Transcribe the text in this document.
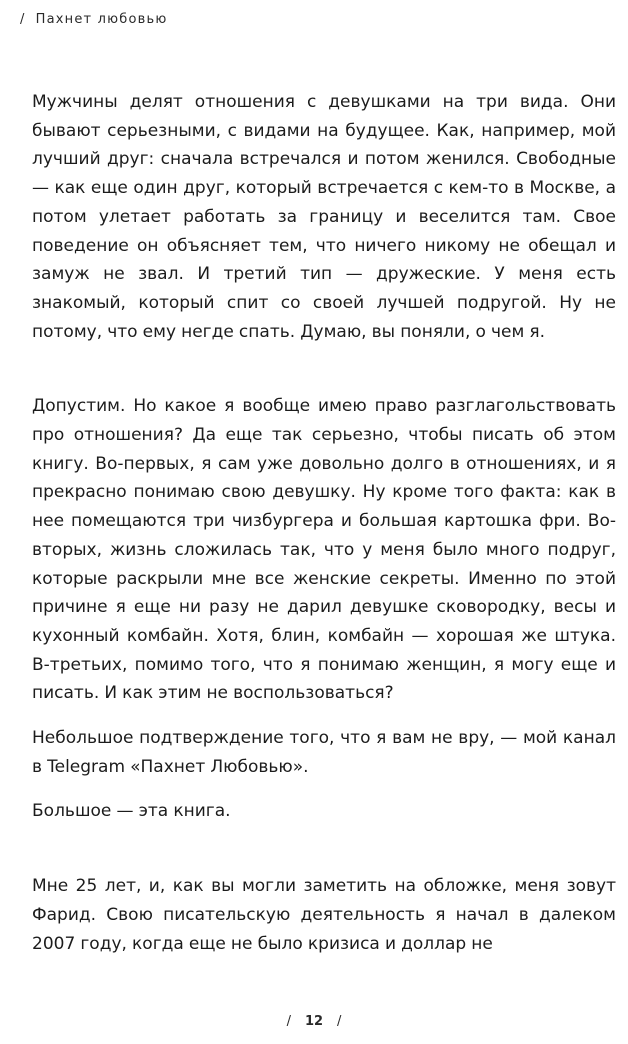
/ Пахнет любовью

Мужчины делят отношения с девушками на три вида. Они бывают серьезными, с видами на будущее. Как, например, мой лучший друг: сначала встречался и потом женился. Свободные — как еще один друг, который встречается с кем-то в Москве, а потом улетает работать за границу и веселится там. Свое поведение он объясняет тем, что ничего никому не обещал и замуж не звал. И третий тип — дружеские. У меня есть знакомый, который спит со своей лучшей подругой. Ну не потому, что ему негде спать. Думаю, вы поняли, о чем я.

Допустим. Но какое я вообще имею право разглагольствовать про отношения? Да еще так серьезно, чтобы писать об этом книгу. Во-первых, я сам уже довольно долго в отношениях, и я прекрасно понимаю свою девушку. Ну кроме того факта: как в нее помещаются три чизбургера и большая картошка фри. Во-вторых, жизнь сложилась так, что у меня было много подруг, которые раскрыли мне все женские секреты. Именно по этой причине я еще ни разу не дарил девушке сковородку, весы и кухонный комбайн. Хотя, блин, комбайн — хорошая же штука. В-третьих, помимо того, что я понимаю женщин, я могу еще и писать. И как этим не воспользоваться?

Небольшое подтверждение того, что я вам не вру, — мой канал в Telegram «Пахнет Любовью».

Большое — эта книга.

Мне 25 лет, и, как вы могли заметить на обложке, меня зовут Фарид. Свою писательскую деятельность я начал в далеком 2007 году, когда еще не было кризиса и доллар не

/ 12 /
